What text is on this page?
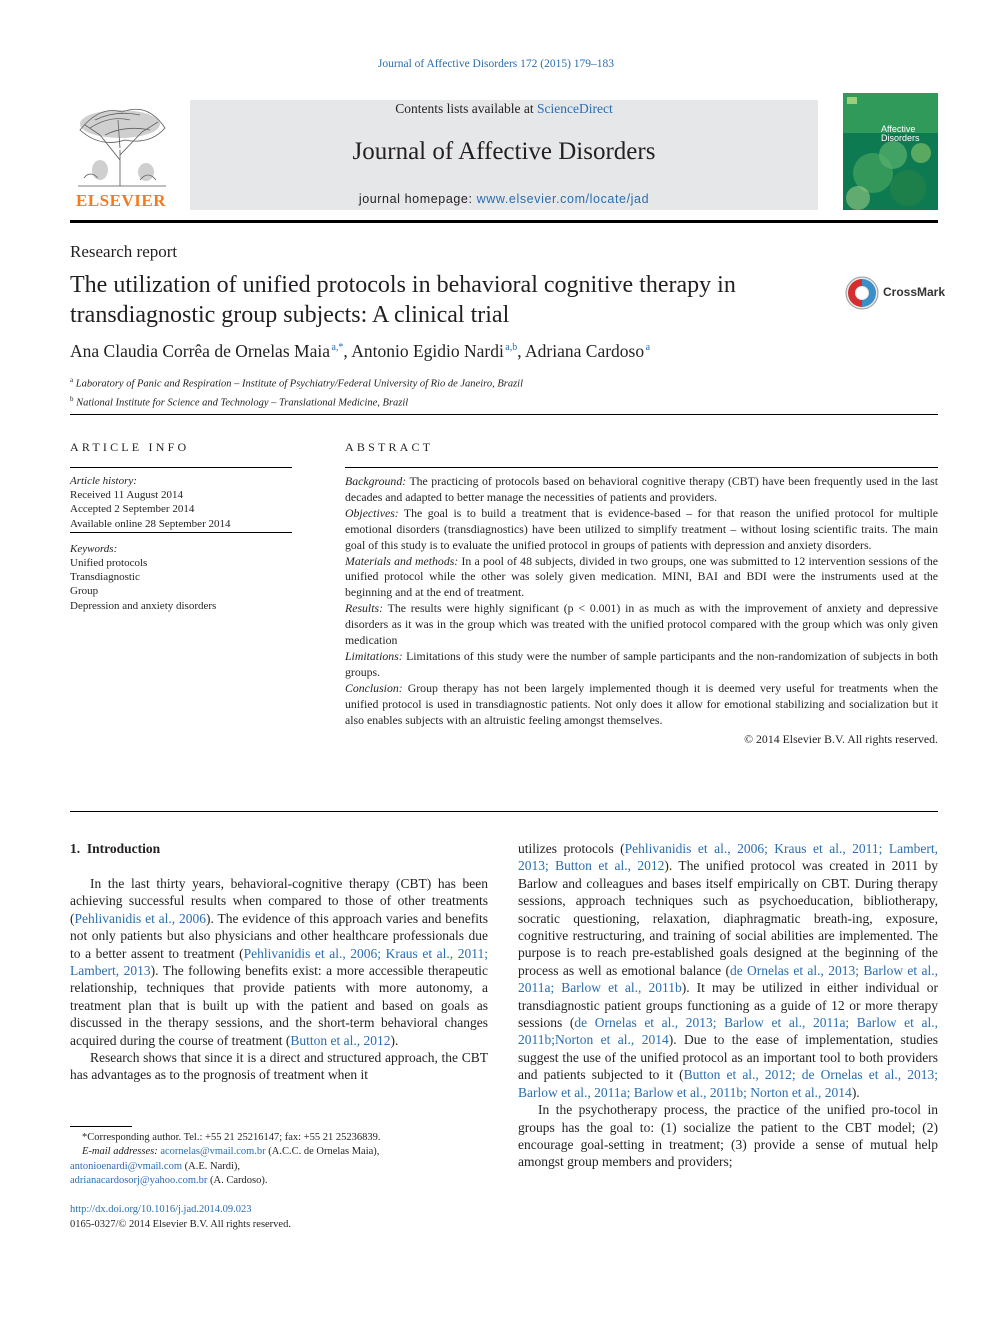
Journal of Affective Disorders 172 (2015) 179–183
ELSEVIER
Contents lists available at ScienceDirect
Journal of Affective Disorders
journal homepage: www.elsevier.com/locate/jad
Affective
Disorders
Research report
The utilization of unified protocols in behavioral cognitive therapy in transdiagnostic group subjects: A clinical trial
CrossMark
Ana Claudia Corrêa de Ornelas Maia $^{a,*}$, Antonio Egidio Nardi $^{a,b}$, Adriana Cardoso $^a$
$^a$ Laboratory of Panic and Respiration – Institute of Psychiatry/Federal University of Rio de Janeiro, Brazil
$^b$ National Institute for Science and Technology – Translational Medicine, Brazil
ARTICLE INFO	ABSTRACT
Article history:
Received 11 August 2014
Accepted 2 September 2014
Available online 28 September 2014
Keywords:
Unified protocols
Transdiagnostic
Group
Depression and anxiety disorders

Background: The practicing of protocols based on behavioral cognitive therapy (CBT) have been frequently used in the last decades and adapted to better manage the necessities of patients and providers.

Objectives: The goal is to build a treatment that is evidence-based – for that reason the unified protocol for multiple emotional disorders (transdiagnostics) have been utilized to simplify treatment – without losing scientific traits. The main goal of this study is to evaluate the unified protocol in groups of patients with depression and anxiety disorders.

Materials and methods: In a pool of 48 subjects, divided in two groups, one was submitted to 12 intervention sessions of the unified protocol while the other was solely given medication. MINI, BAI and BDI were the instruments used at the beginning and at the end of treatment.

Results: The results were highly significant (p < 0.001) in as much as with the improvement of anxiety and depressive disorders as it was in the group which was treated with the unified protocol compared with the group which was only given medication

Limitations: Limitations of this study were the number of sample participants and the non-randomization of subjects in both groups.

Conclusion: Group therapy has not been largely implemented though it is deemed very useful for treatments when the unified protocol is used in transdiagnostic patients. Not only does it allow for emotional stabilizing and socialization but it also enables subjects with an altruistic feeling amongst themselves.

© 2014 Elsevier B.V. All rights reserved.

1.  Introduction

In the last thirty years, behavioral-cognitive therapy (CBT) has been achieving successful results when compared to those of other treatments (Pehlivanidis et al., 2006). The evidence of this approach varies and benefits not only patients but also physicians and other healthcare professionals due to a better assent to treatment (Pehlivanidis et al., 2006; Kraus et al., 2011; Lambert, 2013). The following benefits exist: a more accessible therapeutic relationship, techniques that provide patients with more autonomy, a treatment plan that is built up with the patient and based on goals as discussed in the therapy sessions, and the short-term behavioral changes acquired during the course of treatment (Button et al., 2012).

Research shows that since it is a direct and structured approach, the CBT has advantages as to the prognosis of treatment when it

utilizes protocols (Pehlivanidis et al., 2006; Kraus et al., 2011; Lambert, 2013; Button et al., 2012). The unified protocol was created in 2011 by Barlow and colleagues and bases itself empirically on CBT. During therapy sessions, approach techniques such as psychoeducation, bibliotherapy, socratic questioning, relaxation, diaphragmatic breath-ing, exposure, cognitive restructuring, and training of social abilities are implemented. The purpose is to reach pre-established goals designed at the beginning of the process as well as emotional balance (de Ornelas et al., 2013; Barlow et al., 2011a; Barlow et al., 2011b). It may be utilized in either individual or transdiagnostic patient groups functioning as a guide of 12 or more therapy sessions (de Ornelas et al., 2013; Barlow et al., 2011a; Barlow et al., 2011b;Norton et al., 2014). Due to the ease of implementation, studies suggest the use of the unified protocol as an important tool to both providers and patients subjected to it (Button et al., 2012; de Ornelas et al., 2013; Barlow et al., 2011a; Barlow et al., 2011b; Norton et al., 2014).

In the psychotherapy process, the practice of the unified pro-tocol in groups has the goal to: (1) socialize the patient to the CBT model; (2) encourage goal-setting in treatment; (3) provide a sense of mutual help amongst group members and providers;

*Corresponding author. Tel.: +55 21 25216147; fax: +55 21 25236839.
E-mail addresses: acornelas@vmail.com.br (A.C.C. de Ornelas Maia),
antonioenardi@vmail.com (A.E. Nardi),
adrianacardosorj@yahoo.com.br (A. Cardoso).
http://dx.doi.org/10.1016/j.jad.2014.09.023
0165-0327/© 2014 Elsevier B.V. All rights reserved.
